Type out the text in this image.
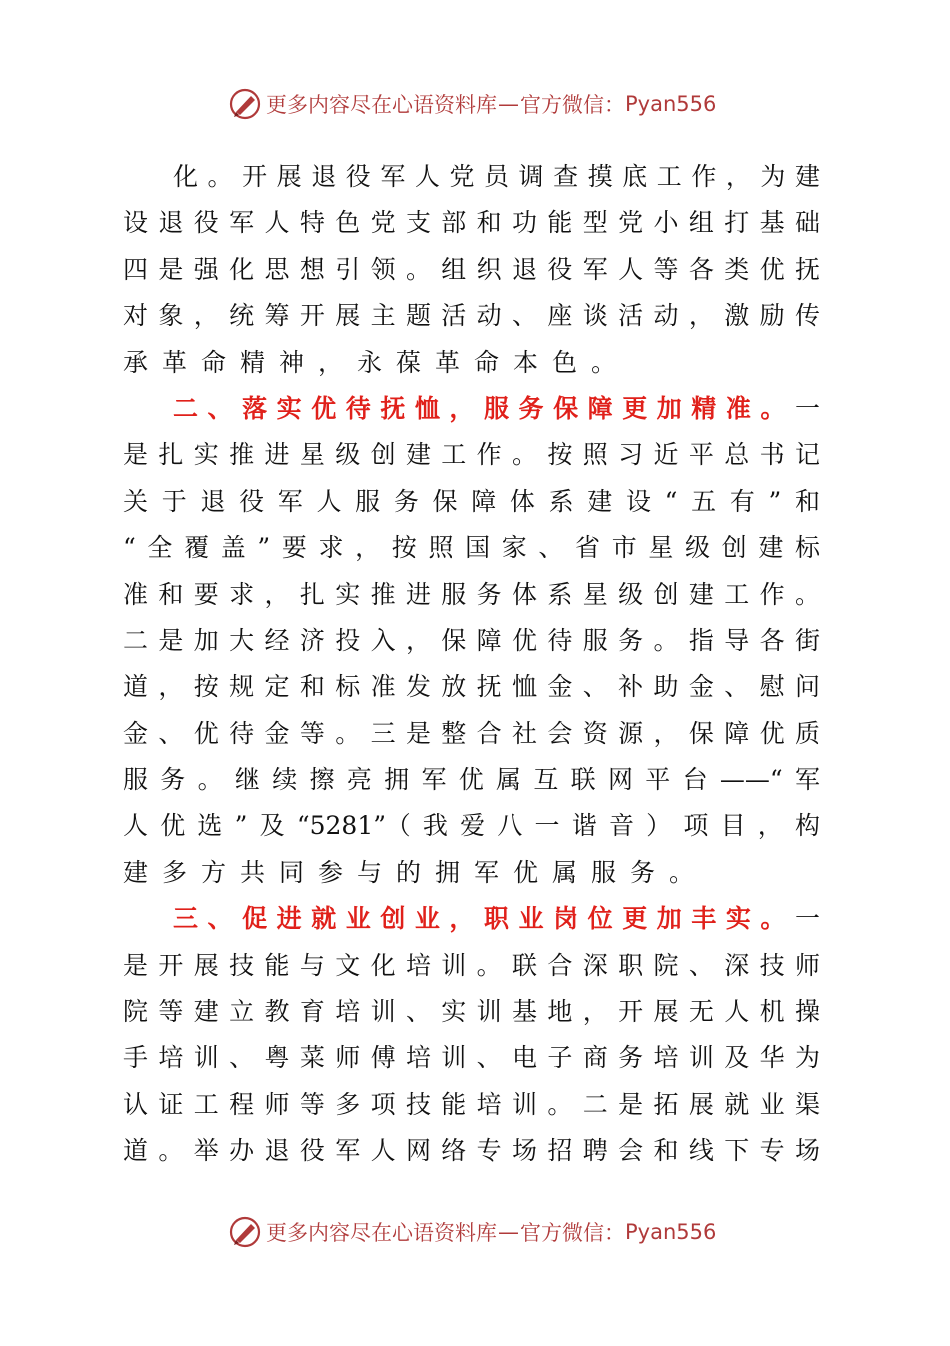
更多内容尽在心语资料库 — 官方微信： Pyan556
化。开展退役军人党员调查摸底工作，为建
设退役军人特色党支部和功能型党小组打基础
四是强化思想引领。组织退役军人等各类优抚
对象，统筹开展主题活动、座谈活动，激励传
承革命精神，永葆革命本色。
二、落实优待抚恤，服务保障更加精准。一
是扎实推进星级创建工作。按照习近平总书记
关于退役军人服务保障体系建设“五有”和
“全覆盖”要求，按照国家、省市星级创建标
准和要求，扎实推进服务体系星级创建工作。
二是加大经济投入，保障优待服务。指导各街
道，按规定和标准发放抚恤金、补助金、慰问
金、优待金等。三是整合社会资源，保障优质
服务。继续擦亮拥军优属互联网平台——“军
人优选”及“5281”（我爱八一谐音）项目，构
建多方共同参与的拥军优属服务。
三、促进就业创业，职业岗位更加丰实。一
是开展技能与文化培训。联合深职院、深技师
院等建立教育培训、实训基地，开展无人机操
手培训、粤菜师傅培训、电子商务培训及华为
认证工程师等多项技能培训。二是拓展就业渠
道。举办退役军人网络专场招聘会和线下专场
更多内容尽在心语资料库 — 官方微信： Pyan556
